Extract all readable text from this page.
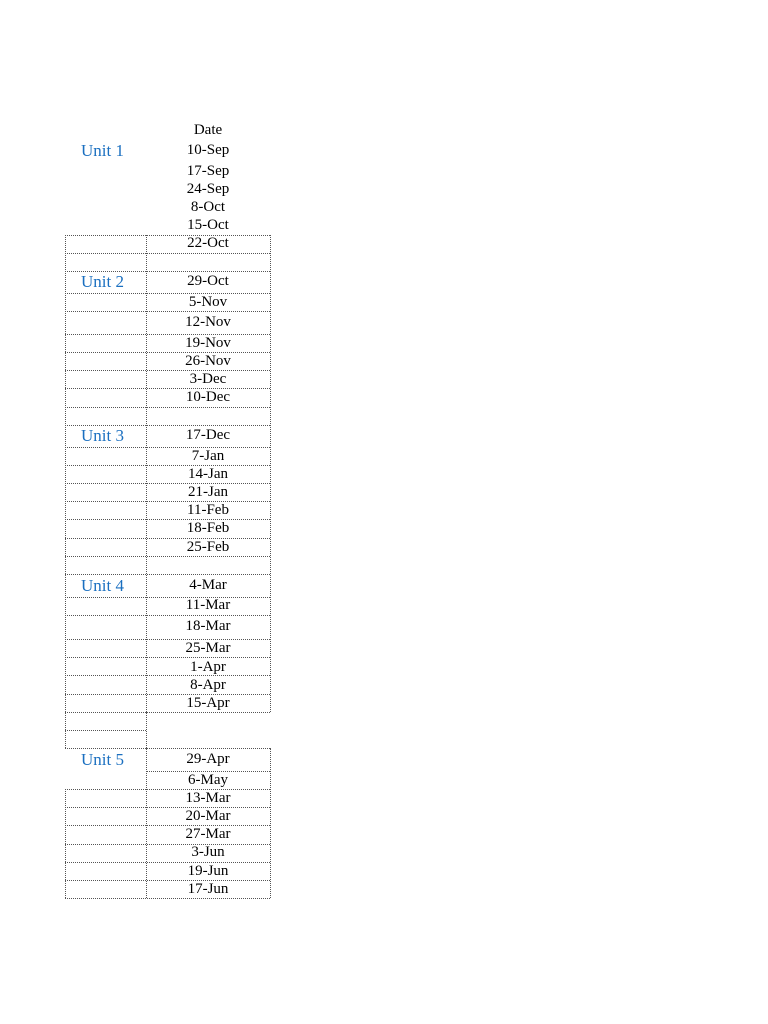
Date
Unit 1	10-Sep
17-Sep
24-Sep
8-Oct
15-Oct
22-Oct
Unit 2	29-Oct
5-Nov
12-Nov
19-Nov
26-Nov
3-Dec
10-Dec
Unit 3	17-Dec
7-Jan
14-Jan
21-Jan
11-Feb
18-Feb
25-Feb
Unit 4	4-Mar
11-Mar
18-Mar
25-Mar
1-Apr
8-Apr
15-Apr
Unit 5	29-Apr
6-May
13-Mar
20-Mar
27-Mar
3-Jun
19-Jun
17-Jun
